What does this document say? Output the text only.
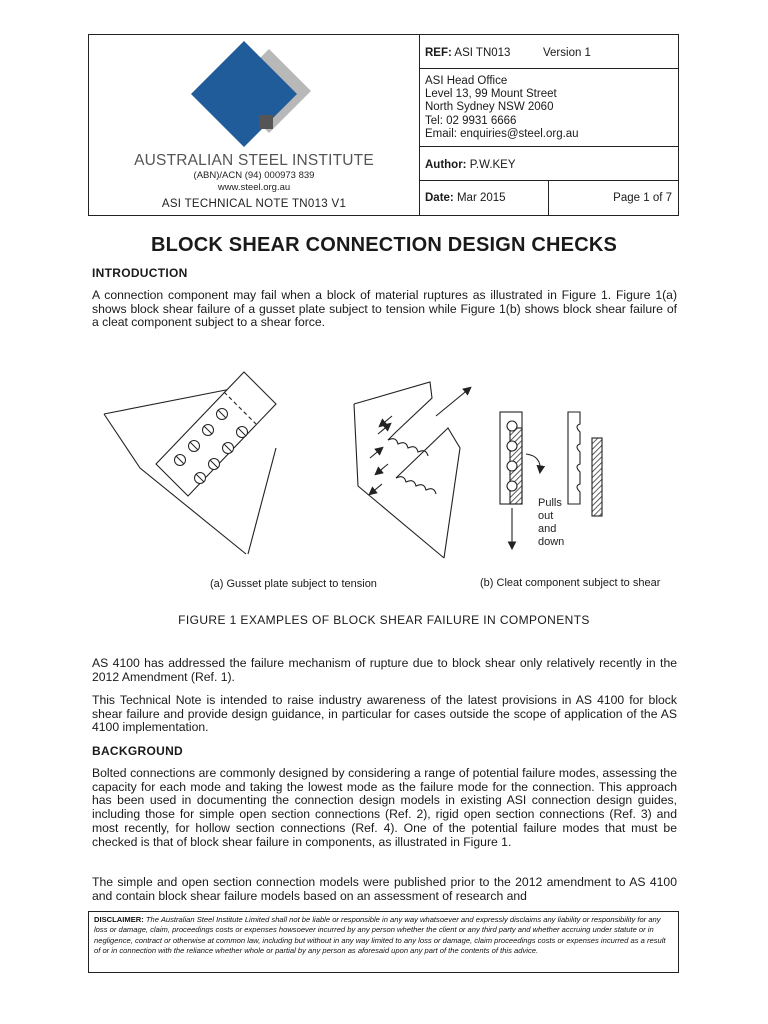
AUSTRALIAN STEEL INSTITUTE
(ABN)/ACN (94) 000973 839
www.steel.org.au
ASI TECHNICAL NOTE TN013 V1
REF: ASI TN013	Version 1
ASI Head Office
Level 13, 99 Mount Street
North Sydney NSW 2060
Tel: 02 9931 6666
Email: enquiries@steel.org.au
Author: P.W.KEY
Date: Mar 2015	Page 1 of 7
BLOCK SHEAR CONNECTION DESIGN CHECKS
INTRODUCTION
A connection component may fail when a block of material ruptures as illustrated in Figure 1. Figure 1(a) shows block shear failure of a gusset plate subject to tension while Figure 1(b) shows block shear failure of a cleat component subject to a shear force.
Pulls
out
and
down
(a) Gusset plate subject to tension	(b) Cleat component subject to shear
FIGURE 1 EXAMPLES OF BLOCK SHEAR FAILURE IN COMPONENTS
AS 4100 has addressed the failure mechanism of rupture due to block shear only relatively recently in the 2012 Amendment (Ref. 1).
This Technical Note is intended to raise industry awareness of the latest provisions in AS 4100 for block shear failure and provide design guidance, in particular for cases outside the scope of application of the AS 4100 implementation.
BACKGROUND
Bolted connections are commonly designed by considering a range of potential failure modes, assessing the capacity for each mode and taking the lowest mode as the failure mode for the connection. This approach has been used in documenting the connection design models in existing ASI connection design guides, including those for simple open section connections (Ref. 2), rigid open section connections (Ref. 3) and most recently, for hollow section connections (Ref. 4). One of the potential failure modes that must be checked is that of block shear failure in components, as illustrated in Figure 1.
The simple and open section connection models were published prior to the 2012 amendment to AS 4100 and contain block shear failure models based on an assessment of research and
DISCLAIMER: The Australian Steel Institute Limited shall not be liable or responsible in any way whatsoever and expressly disclaims any liability or responsibility for any loss or damage, claim, proceedings costs or expenses howsoever incurred by any person whether the client or any third party and whether accruing under statute or in negligence, contract or otherwise at common law, including but without in any way limited to any loss or damage, claim proceedings costs or expenses incurred as a result of or in connection with the reliance whether whole or partial by any person as aforesaid upon any part of the contents of this advice.
